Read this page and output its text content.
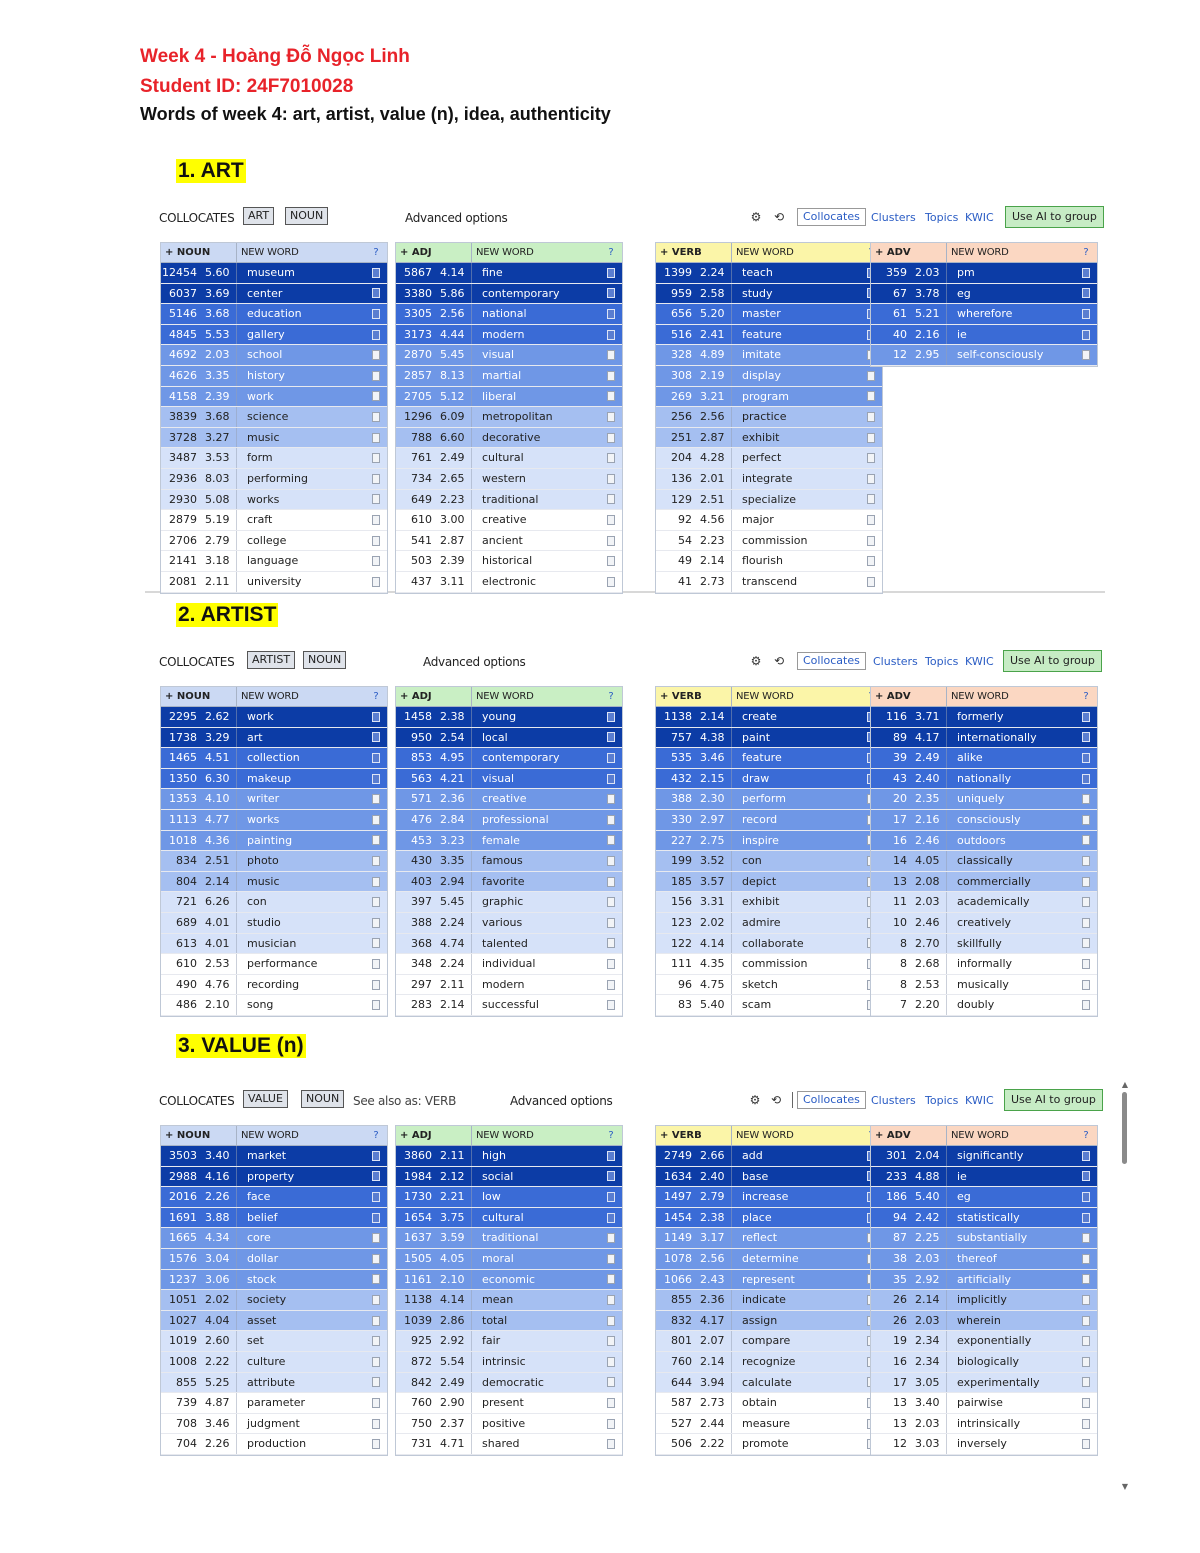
Week 4 - Hoàng Đỗ Ngọc Linh
Student ID: 24F7010028
Words of week 4: art, artist, value (n), idea, authenticity
1. ART
2. ARTIST
3. VALUE (n)
COLLOCATES	ART	NOUN	Advanced options	⚙ ⟲	Collocates	Clusters Topics KWIC	Use AI to group
+ NOUN	NEW WORD	?
12454 5.60	museum
6037 3.69	center
5146 3.68	education
4845 5.53	gallery
4692 2.03	school
4626 3.35	history
4158 2.39	work
3839 3.68	science
3728 3.27	music
3487 3.53	form
2936 8.03	performing
2930 5.08	works
2879 5.19	craft
2706 2.79	college
2141 3.18	language
2081 2.11	university
+ ADJ	NEW WORD	?
5867 4.14	fine
3380 5.86	contemporary
3305 2.56	national
3173 4.44	modern
2870 5.45	visual
2857 8.13	martial
2705 5.12	liberal
1296 6.09	metropolitan
788 6.60	decorative
761 2.49	cultural
734 2.65	western
649 2.23	traditional
610 3.00	creative
541 2.87	ancient
503 2.39	historical
437 3.11	electronic
+ VERB	NEW WORD
1399 2.24	teach
959 2.58	study
656 5.20	master
516 2.41	feature
328 4.89	imitate
308 2.19	display
269 3.21	program
256 2.56	practice
251 2.87	exhibit
204 4.28	perfect
136 2.01	integrate
129 2.51	specialize
92 4.56	major
54 2.23	commission
49 2.14	flourish
41 2.73	transcend
+ ADV	NEW WORD	?
359 2.03	pm
67 3.78	eg
61 5.21	wherefore
40 2.16	ie
12 2.95	self-consciously
COLLOCATES	ARTIST	NOUN	Advanced options	⚙ ⟲	Collocates	Clusters Topics KWIC	Use AI to group
+ NOUN	NEW WORD	?
2295 2.62	work
1738 3.29	art
1465 4.51	collection
1350 6.30	makeup
1353 4.10	writer
1113 4.77	works
1018 4.36	painting
834 2.51	photo
804 2.14	music
721 6.26	con
689 4.01	studio
613 4.01	musician
610 2.53	performance
490 4.76	recording
486 2.10	song
+ ADJ	NEW WORD	?
1458 2.38	young
950 2.54	local
853 4.95	contemporary
563 4.21	visual
571 2.36	creative
476 2.84	professional
453 3.23	female
430 3.35	famous
403 2.94	favorite
397 5.45	graphic
388 2.24	various
368 4.74	talented
348 2.24	individual
297 2.11	modern
283 2.14	successful
+ VERB	NEW WORD
1138 2.14	create
757 4.38	paint
535 3.46	feature
432 2.15	draw
388 2.30	perform
330 2.97	record
227 2.75	inspire
199 3.52	con
185 3.57	depict
156 3.31	exhibit
123 2.02	admire
122 4.14	collaborate
111 4.35	commission
96 4.75	sketch
83 5.40	scam
+ ADV	NEW WORD	?
116 3.71	formerly
89 4.17	internationally
39 2.49	alike
43 2.40	nationally
20 2.35	uniquely
17 2.16	consciously
16 2.46	outdoors
14 4.05	classically
13 2.08	commercially
11 2.03	academically
10 2.46	creatively
8 2.70	skillfully
8 2.68	informally
8 2.53	musically
7 2.20	doubly
COLLOCATES	VALUE	NOUN	See also as: VERB	Advanced options	⚙ ⟲	Collocates	Clusters Topics KWIC	Use AI to group
+ NOUN	NEW WORD	?
3503 3.40	market
2988 4.16	property
2016 2.26	face
1691 3.88	belief
1665 4.34	core
1576 3.04	dollar
1237 3.06	stock
1051 2.02	society
1027 4.04	asset
1019 2.60	set
1008 2.22	culture
855 5.25	attribute
739 4.87	parameter
708 3.46	judgment
704 2.26	production
+ ADJ	NEW WORD	?
3860 2.11	high
1984 2.12	social
1730 2.21	low
1654 3.75	cultural
1637 3.59	traditional
1505 4.05	moral
1161 2.10	economic
1138 4.14	mean
1039 2.86	total
925 2.92	fair
872 5.54	intrinsic
842 2.49	democratic
760 2.90	present
750 2.37	positive
731 4.71	shared
+ VERB	NEW WORD
2749 2.66	add
1634 2.40	base
1497 2.79	increase
1454 2.38	place
1149 3.17	reflect
1078 2.56	determine
1066 2.43	represent
855 2.36	indicate
832 4.17	assign
801 2.07	compare
760 2.14	recognize
644 3.94	calculate
587 2.73	obtain
527 2.44	measure
506 2.22	promote
+ ADV	NEW WORD	?
301 2.04	significantly
233 4.88	ie
186 5.40	eg
94 2.42	statistically
87 2.25	substantially
38 2.03	thereof
35 2.92	artificially
26 2.14	implicitly
26 2.03	wherein
19 2.34	exponentially
16 2.34	biologically
17 3.05	experimentally
13 3.40	pairwise
13 2.03	intrinsically
12 3.03	inversely
▲
▼
